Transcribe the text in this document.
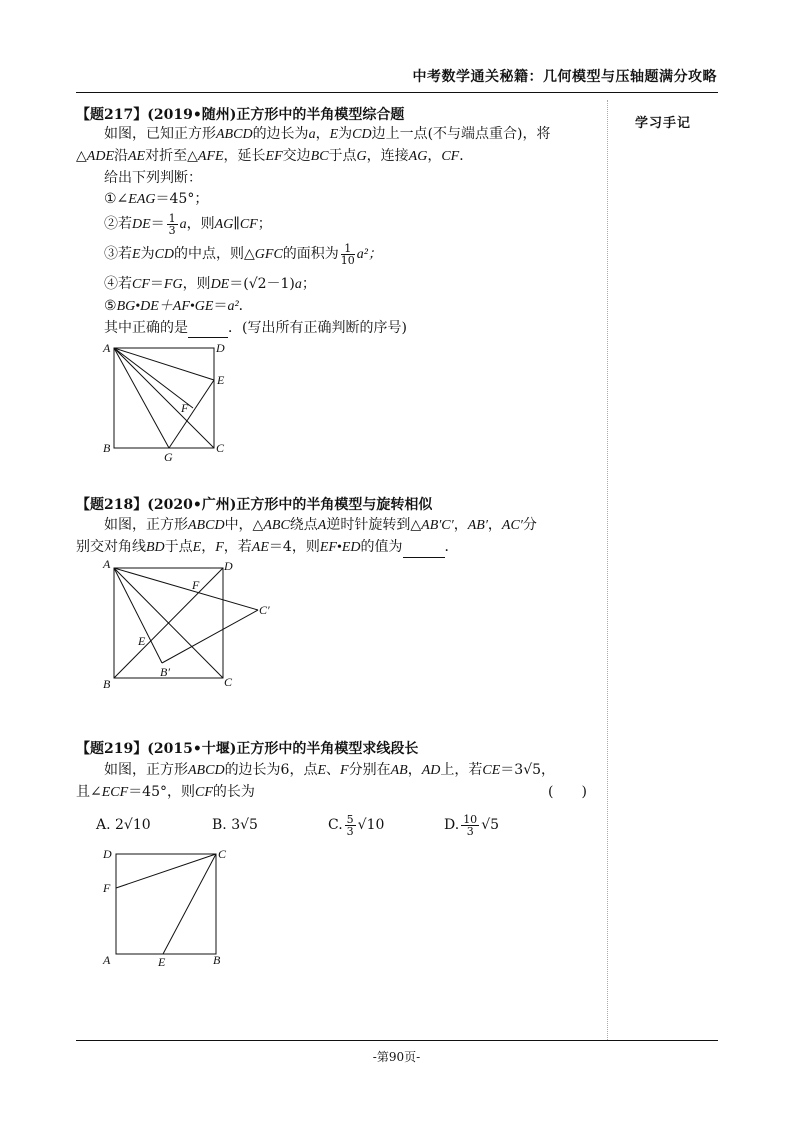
中考数学通关秘籍：几何模型与压轴题满分攻略
学习手记
【题217】(2019•随州)正方形中的半角模型综合题
如图，已知正方形ABCD的边长为a，E为CD边上一点(不与端点重合)，将
△ADE沿AE对折至△AFE，延长EF交边BC于点G，连接AG，CF．
给出下列判断：
①∠EAG＝45°；
②若$DE= \frac{1}{3}$ a，则AG∥CF；
③若E为CD的中点，则△GFC的面积为 $\frac{1}{10} a^2$；
④若CF＝FG，则DE＝(√2－1)a；
⑤BG•DE＋AF•GE＝a²．
其中正确的是	．(写出所有正确判断的序号)
A	D
E
F
B
G
C
【题218】(2020•广州)正方形中的半角模型与旋转相似
如图，正方形ABCD中，△ABC绕点A逆时针旋转到△AB′C′，AB′，AC′分
别交对角线BD于点E，F，若AE＝4，则EF•ED的值为	．
A	D
F
C′
E
B
B′
C
【题219】(2015•十堰)正方形中的半角模型求线段长
如图，正方形ABCD的边长为6，点E、F分别在AB，AD上，若CE＝3√5，
且∠ECF＝45°，则CF的长为	(　　)
A. 2√10	B. 3√5	C. $\frac{5}{3} √10$	D. $\frac{10}{3} √5$
D	C
F
A	E	B
-第90页-
